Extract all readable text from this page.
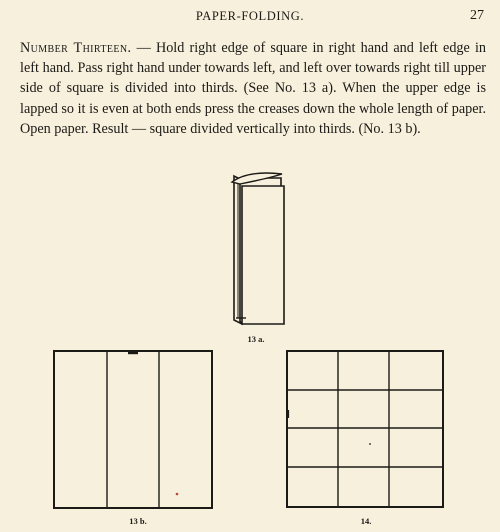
PAPER-FOLDING.	27
Number Thirteen. — Hold right edge of square in right hand and left edge in left hand. Pass right hand under towards left, and left over towards right till upper side of square is divided into thirds. (See No. 13 a). When the upper edge is lapped so it is even at both ends press the creases down the whole length of paper. Open paper. Result — square divided vertically into thirds. (No. 13 b).
13 a.
13 b.	14.
